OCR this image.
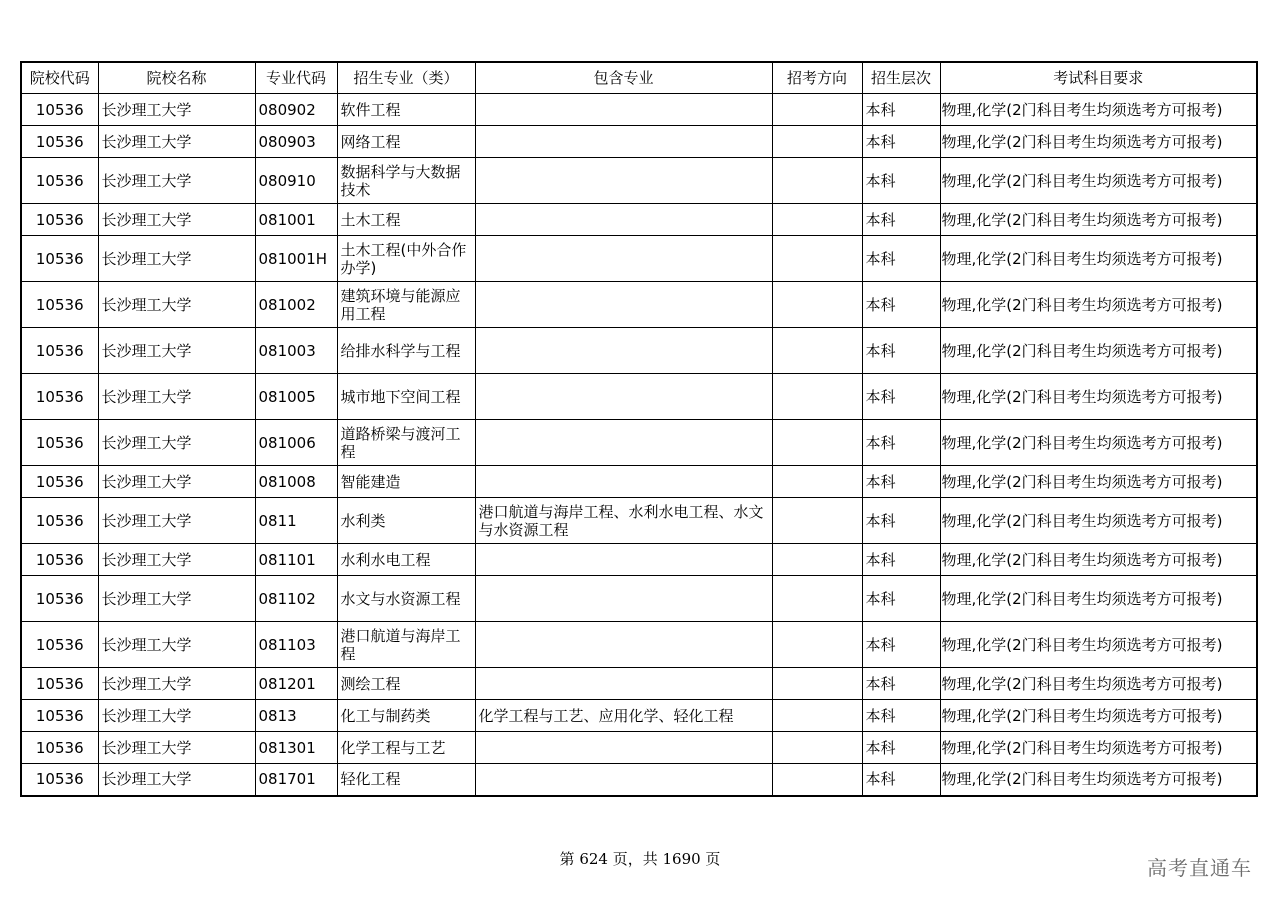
院校代码	院校名称	专业代码	招生专业（类）	包含专业	招考方向	招生层次	考试科目要求
10536	长沙理工大学	080902	软件工程			本科	物理,化学(2门科目考生均须选考方可报考)
10536	长沙理工大学	080903	网络工程			本科	物理,化学(2门科目考生均须选考方可报考)
10536	长沙理工大学	080910	数据科学与大数据技术			本科	物理,化学(2门科目考生均须选考方可报考)
10536	长沙理工大学	081001	土木工程			本科	物理,化学(2门科目考生均须选考方可报考)
10536	长沙理工大学	081001H	土木工程(中外合作办学)			本科	物理,化学(2门科目考生均须选考方可报考)
10536	长沙理工大学	081002	建筑环境与能源应用工程			本科	物理,化学(2门科目考生均须选考方可报考)
10536	长沙理工大学	081003	给排水科学与工程			本科	物理,化学(2门科目考生均须选考方可报考)
10536	长沙理工大学	081005	城市地下空间工程			本科	物理,化学(2门科目考生均须选考方可报考)
10536	长沙理工大学	081006	道路桥梁与渡河工程			本科	物理,化学(2门科目考生均须选考方可报考)
10536	长沙理工大学	081008	智能建造			本科	物理,化学(2门科目考生均须选考方可报考)
10536	长沙理工大学	0811	水利类	港口航道与海岸工程、水利水电工程、水文与水资源工程		本科	物理,化学(2门科目考生均须选考方可报考)
10536	长沙理工大学	081101	水利水电工程			本科	物理,化学(2门科目考生均须选考方可报考)
10536	长沙理工大学	081102	水文与水资源工程			本科	物理,化学(2门科目考生均须选考方可报考)
10536	长沙理工大学	081103	港口航道与海岸工程			本科	物理,化学(2门科目考生均须选考方可报考)
10536	长沙理工大学	081201	测绘工程			本科	物理,化学(2门科目考生均须选考方可报考)
10536	长沙理工大学	0813	化工与制药类	化学工程与工艺、应用化学、轻化工程		本科	物理,化学(2门科目考生均须选考方可报考)
10536	长沙理工大学	081301	化学工程与工艺			本科	物理,化学(2门科目考生均须选考方可报考)
10536	长沙理工大学	081701	轻化工程			本科	物理,化学(2门科目考生均须选考方可报考)
第 624 页，共 1690 页	高考直通车
